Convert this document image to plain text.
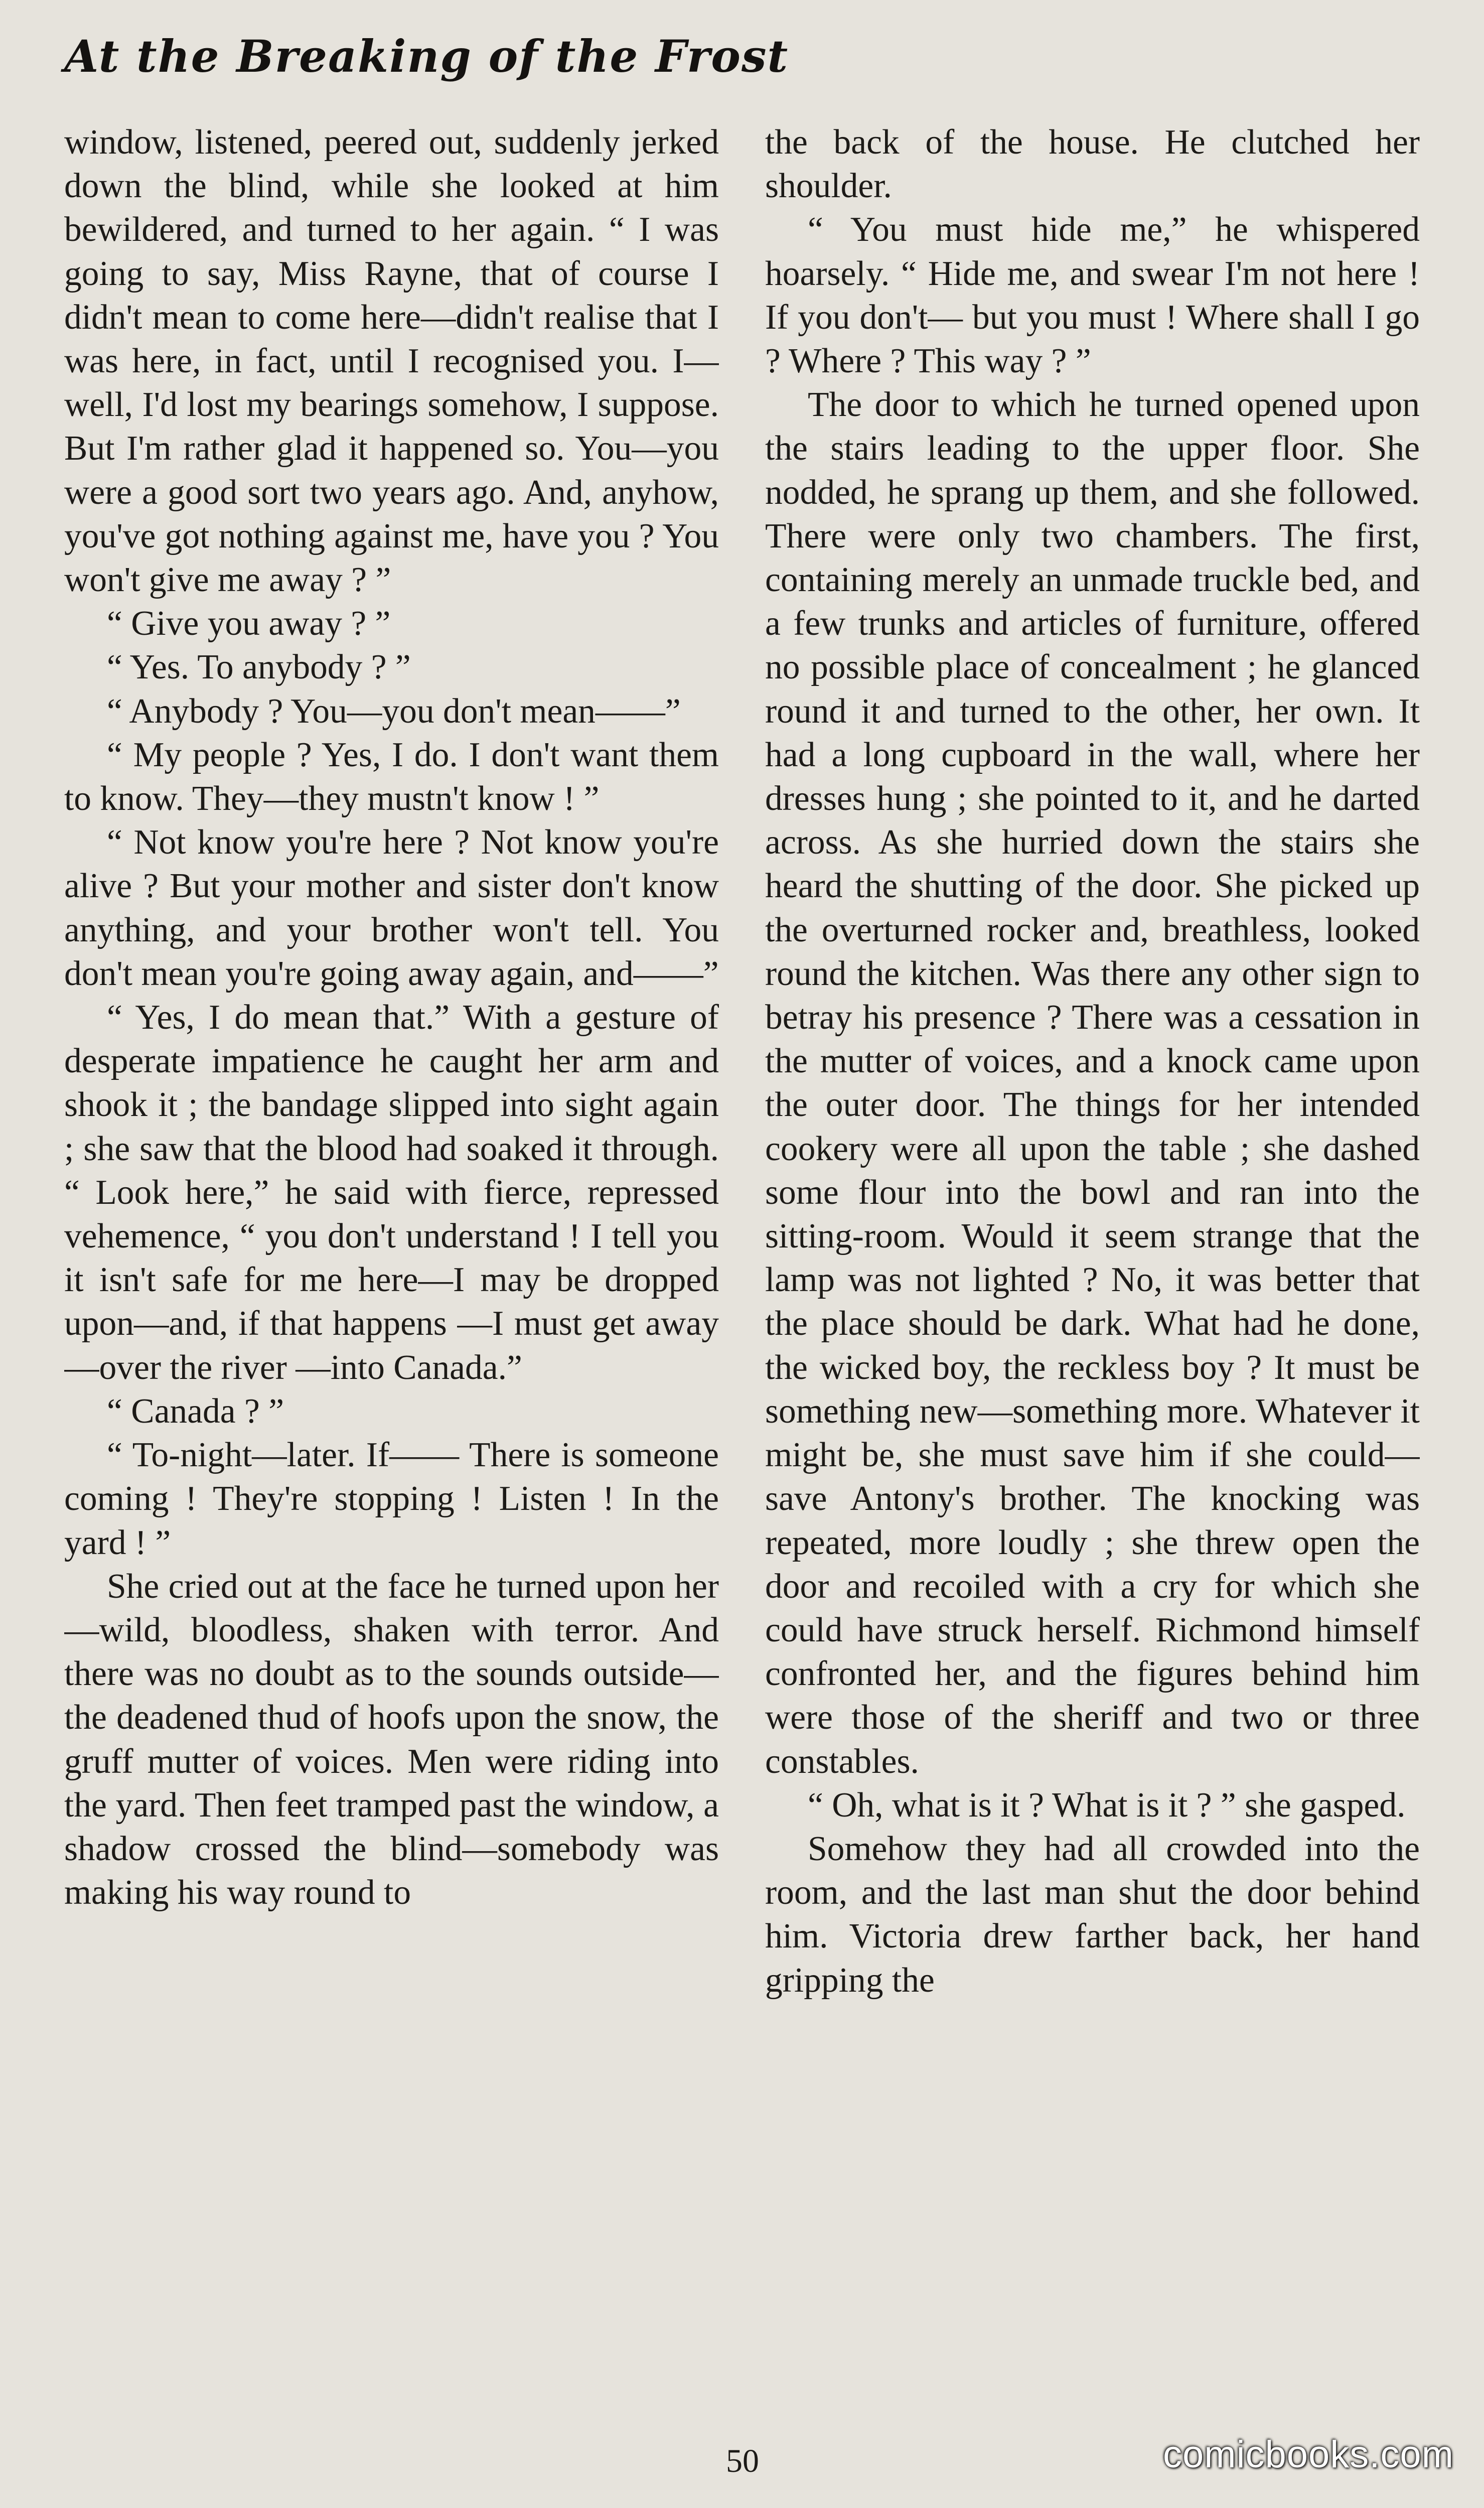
At the Breaking of the Frost

window, listened, peered out, suddenly jerked down the blind, while she looked at him bewildered, and turned to her again. “ I was going to say, Miss Rayne, that of course I didn't mean to come here—didn't realise that I was here, in fact, until I recognised you. I—well, I'd lost my bearings somehow, I suppose. But I'm rather glad it happened so. You—you were a good sort two years ago. And, anyhow, you've got nothing against me, have you ? You won't give me away ? ”

“ Give you away ? ”

“ Yes. To anybody ? ”

“ Anybody ? You—you don't mean——”

“ My people ? Yes, I do. I don't want them to know. They—they mustn't know ! ”

“ Not know you're here ? Not know you're alive ? But your mother and sister don't know anything, and your brother won't tell. You don't mean you're going away again, and——”

“ Yes, I do mean that.” With a gesture of desperate impatience he caught her arm and shook it ; the bandage slipped into sight again ; she saw that the blood had soaked it through. “ Look here,” he said with fierce, repressed vehemence, “ you don't understand ! I tell you it isn't safe for me here—I may be dropped upon—and, if that happens —I must get away—over the river —into Canada.”

“ Canada ? ”

“ To-night—later. If—— There is someone coming ! They're stopping ! Listen ! In the yard ! ”

She cried out at the face he turned upon her—wild, bloodless, shaken with terror. And there was no doubt as to the sounds outside—the deadened thud of hoofs upon the snow, the gruff mutter of voices. Men were riding into the yard. Then feet tramped past the window, a shadow crossed the blind—somebody was making his way round to

the back of the house. He clutched her shoulder.

“ You must hide me,” he whispered hoarsely. “ Hide me, and swear I'm not here ! If you don't— but you must ! Where shall I go ? Where ? This way ? ”

The door to which he turned opened upon the stairs leading to the upper floor. She nodded, he sprang up them, and she followed. There were only two chambers. The first, containing merely an unmade truckle bed, and a few trunks and articles of furniture, offered no possible place of concealment ; he glanced round it and turned to the other, her own. It had a long cupboard in the wall, where her dresses hung ; she pointed to it, and he darted across. As she hurried down the stairs she heard the shutting of the door. She picked up the overturned rocker and, breathless, looked round the kitchen. Was there any other sign to betray his presence ? There was a cessation in the mutter of voices, and a knock came upon the outer door. The things for her intended cookery were all upon the table ; she dashed some flour into the bowl and ran into the sitting-room. Would it seem strange that the lamp was not lighted ? No, it was better that the place should be dark. What had he done, the wicked boy, the reckless boy ? It must be something new—something more. Whatever it might be, she must save him if she could—save Antony's brother. The knocking was repeated, more loudly ; she threw open the door and recoiled with a cry for which she could have struck herself. Richmond himself confronted her, and the figures behind him were those of the sheriff and two or three constables.

“ Oh, what is it ? What is it ? ” she gasped.

Somehow they had all crowded into the room, and the last man shut the door behind him. Victoria drew farther back, her hand gripping the

50	comicbooks.com
